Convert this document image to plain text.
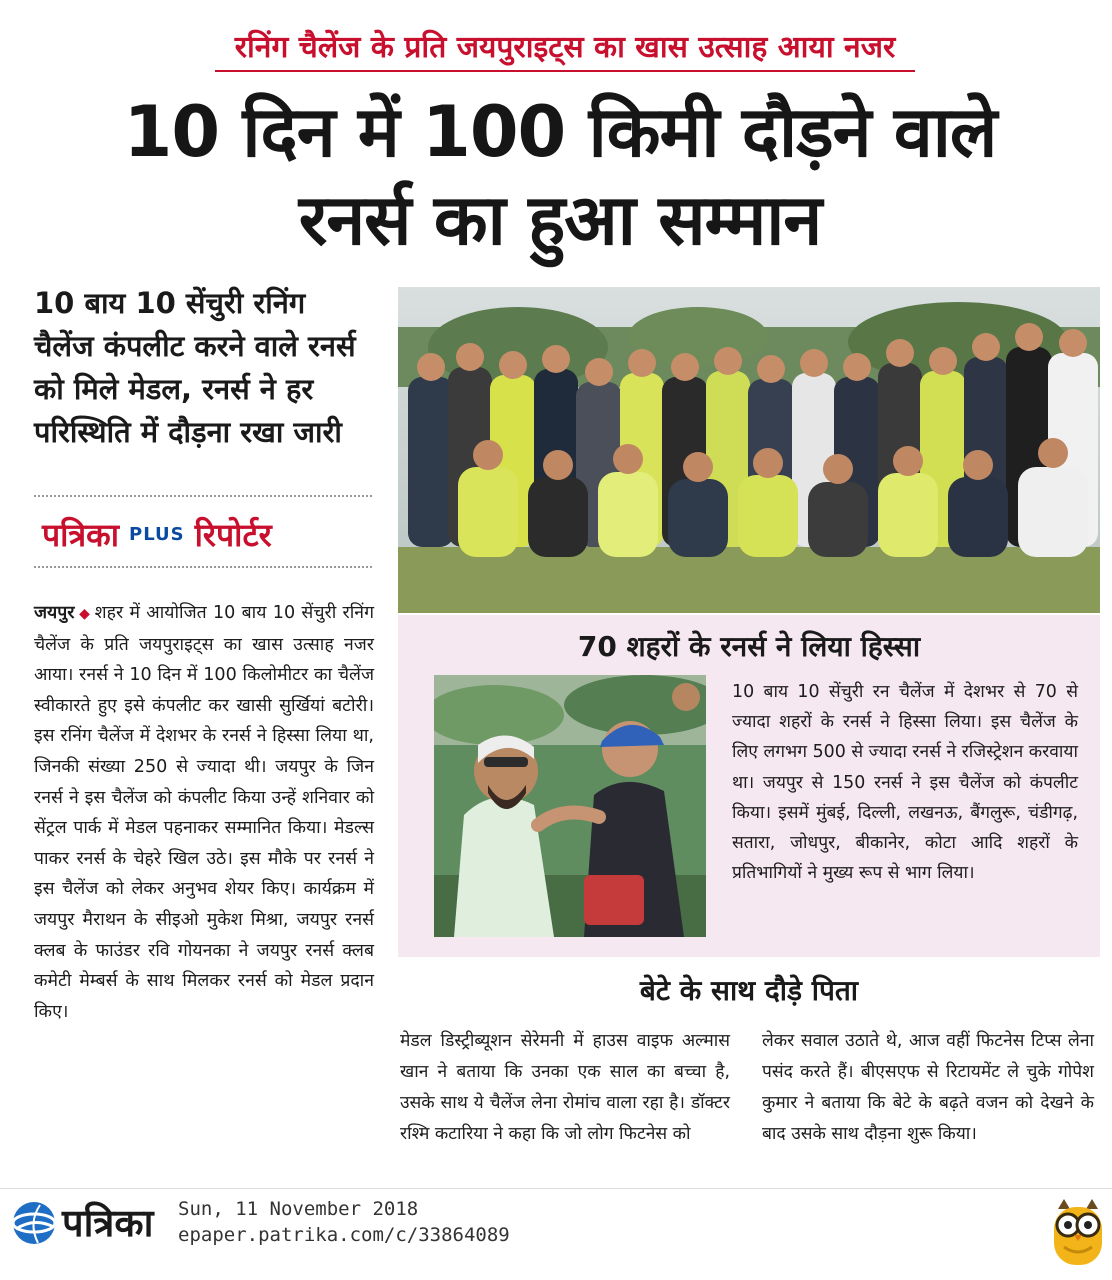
रनिंग चैलेंज के प्रति जयपुराइट्स का खास उत्साह आया नजर
10 दिन में 100 किमी दौड़ने वाले
रनर्स का हुआ सम्मान
10 बाय 10 सेंचुरी रनिंग चैलेंज कंपलीट करने वाले रनर्स को मिले मेडल, रनर्स ने हर परिस्थिति में दौड़ना रखा जारी
पत्रिका PLUS रिपोर्टर
जयपुर ◆ शहर में आयोजित 10 बाय 10 सेंचुरी रनिंग चैलेंज के प्रति जयपुराइट्स का खास उत्साह नजर आया। रनर्स ने 10 दिन में 100 किलोमीटर का चैलेंज स्वीकारते हुए इसे कंपलीट कर खासी सुर्खियां बटोरी। इस रनिंग चैलेंज में देशभर के रनर्स ने हिस्सा लिया था, जिनकी संख्या 250 से ज्यादा थी। जयपुर के जिन रनर्स ने इस चैलेंज को कंपलीट किया उन्हें शनिवार को सेंट्रल पार्क में मेडल पहनाकर सम्मानित किया। मेडल्स पाकर रनर्स के चेहरे खिल उठे। इस मौके पर रनर्स ने इस चैलेंज को लेकर अनुभव शेयर किए। कार्यक्रम में जयपुर मैराथन के सीइओ मुकेश मिश्रा, जयपुर रनर्स क्लब के फाउंडर रवि गोयनका ने जयपुर रनर्स क्लब कमेटी मेम्बर्स के साथ मिलकर रनर्स को मेडल प्रदान किए।
70 शहरों के रनर्स ने लिया हिस्सा
10 बाय 10 सेंचुरी रन चैलेंज में देशभर से 70 से ज्यादा शहरों के रनर्स ने हिस्सा लिया। इस चैलेंज के लिए लगभग 500 से ज्यादा रनर्स ने रजिस्ट्रेशन करवाया था। जयपुर से 150 रनर्स ने इस चैलेंज को कंपलीट किया। इसमें मुंबई, दिल्ली, लखनऊ, बैंगलुरू, चंडीगढ़, सतारा, जोधपुर, बीकानेर, कोटा आदि शहरों के प्रतिभागियों ने मुख्य रूप से भाग लिया।
बेटे के साथ दौड़े पिता
मेडल डिस्ट्रीब्यूशन सेरेमनी में हाउस वाइफ अल्मास खान ने बताया कि उनका एक साल का बच्चा है, उसके साथ ये चैलेंज लेना रोमांच वाला रहा है। डॉक्टर रश्मि कटारिया ने कहा कि जो लोग फिटनेस को
लेकर सवाल उठाते थे, आज वहीं फिटनेस टिप्स लेना पसंद करते हैं। बीएसएफ से रिटायमेंट ले चुके गोपेश कुमार ने बताया कि बेटे के बढ़ते वजन को देखने के बाद उसके साथ दौड़ना शुरू किया।
पत्रिका Sun, 11 November 2018
epaper.patrika.com/c/33864089
